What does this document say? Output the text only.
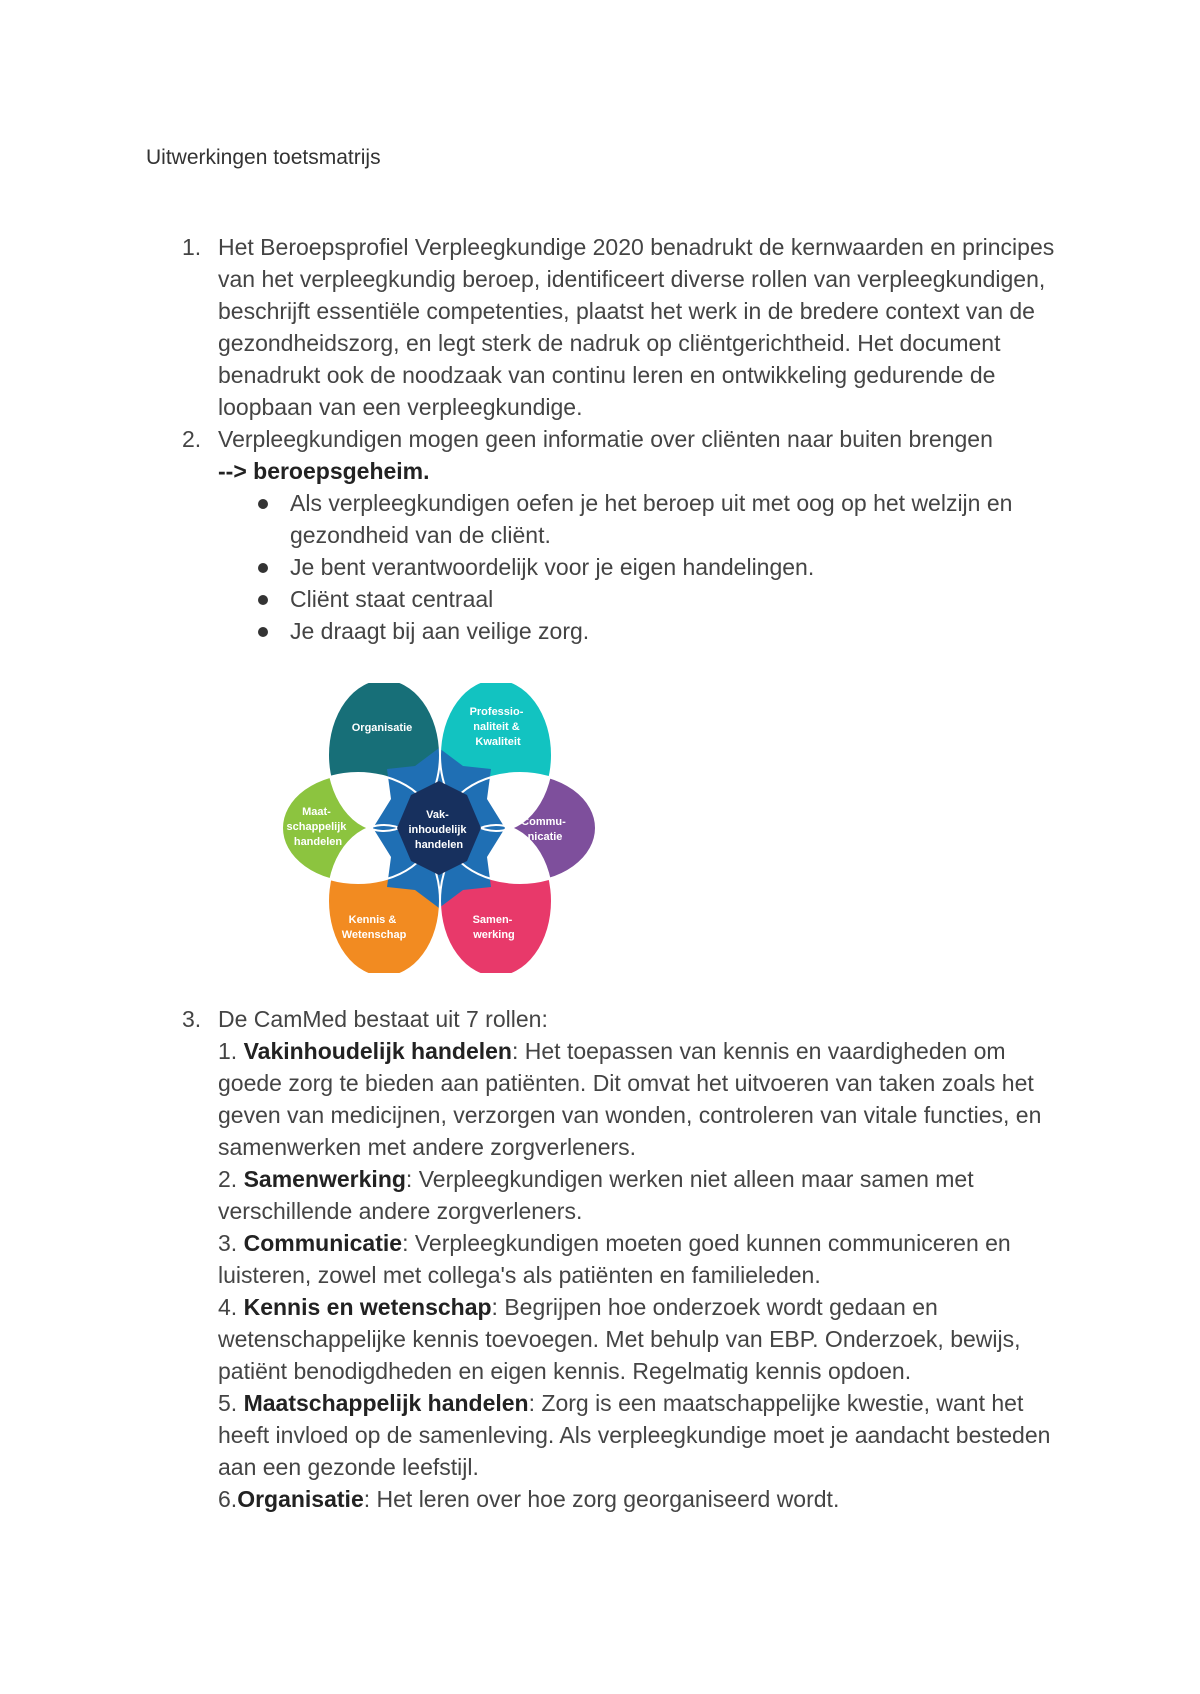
Uitwerkingen toetsmatrijs
1. Het Beroepsprofiel Verpleegkundige 2020 benadrukt de kernwaarden en principes van het verpleegkundig beroep, identificeert diverse rollen van verpleegkundigen, beschrijft essentiële competenties, plaatst het werk in de bredere context van de gezondheidszorg, en legt sterk de nadruk op cliëntgerichtheid. Het document benadrukt ook de noodzaak van continu leren en ontwikkeling gedurende de loopbaan van een verpleegkundige.

2. Verpleegkundigen mogen geen informatie over cliënten naar buiten brengen

--> beroepsgeheim.

Als verpleegkundigen oefen je het beroep uit met oog op het welzijn en gezondheid van de cliënt.
Je bent verantwoordelijk voor je eigen handelingen.
Cliënt staat centraal
Je draagt bij aan veilige zorg.
Vak- inhoudelijk handelen
Organisatie
Professio- naliteit & Kwaliteit
Commu- nicatie
Samen- werking
Kennis & Wetenschap
Maat- schappelijk handelen
3. De CamMed bestaat uit 7 rollen:

1. Vakinhoudelijk handelen: Het toepassen van kennis en vaardigheden om goede zorg te bieden aan patiënten. Dit omvat het uitvoeren van taken zoals het geven van medicijnen, verzorgen van wonden, controleren van vitale functies, en samenwerken met andere zorgverleners.

2. Samenwerking: Verpleegkundigen werken niet alleen maar samen met verschillende andere zorgverleners.

3. Communicatie: Verpleegkundigen moeten goed kunnen communiceren en luisteren, zowel met collega's als patiënten en familieleden.

4. Kennis en wetenschap: Begrijpen hoe onderzoek wordt gedaan en wetenschappelijke kennis toevoegen. Met behulp van EBP. Onderzoek, bewijs, patiënt benodigdheden en eigen kennis. Regelmatig kennis opdoen.

5. Maatschappelijk handelen: Zorg is een maatschappelijke kwestie, want het heeft invloed op de samenleving. Als verpleegkundige moet je aandacht besteden aan een gezonde leefstijl.

6.Organisatie: Het leren over hoe zorg georganiseerd wordt.
